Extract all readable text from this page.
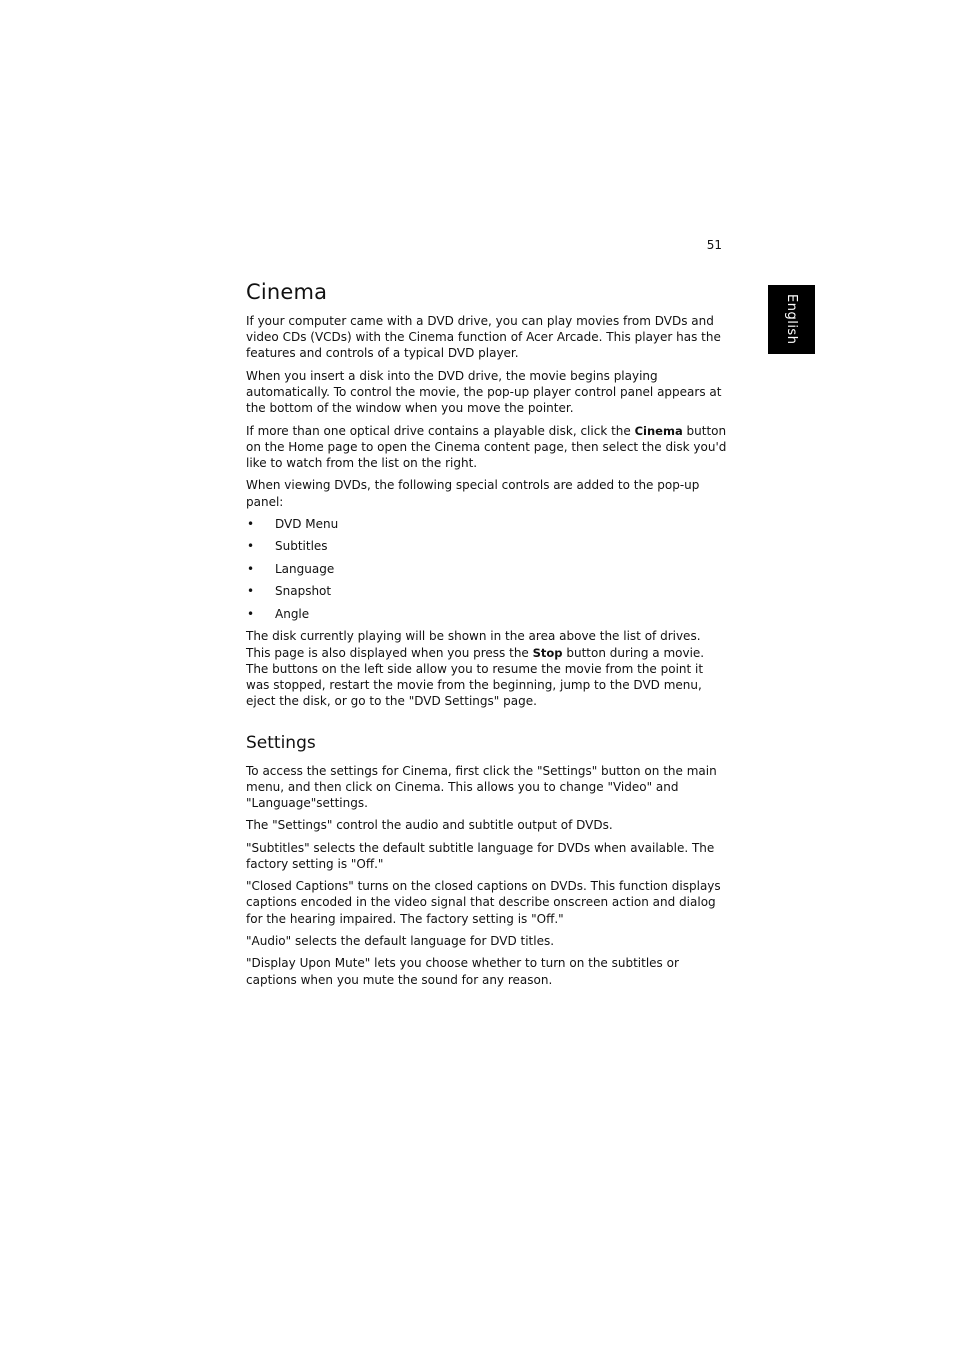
51
English
Cinema

If your computer came with a DVD drive, you can play movies from DVDs and video CDs (VCDs) with the Cinema function of Acer Arcade. This player has the features and controls of a typical DVD player.

When you insert a disk into the DVD drive, the movie begins playing automatically. To control the movie, the pop-up player control panel appears at the bottom of the window when you move the pointer.

If more than one optical drive contains a playable disk, click the Cinema button on the Home page to open the Cinema content page, then select the disk you'd like to watch from the list on the right.

When viewing DVDs, the following special controls are added to the pop-up panel:

• DVD Menu
• Subtitles
• Language
• Snapshot
• Angle

The disk currently playing will be shown in the area above the list of drives. This page is also displayed when you press the Stop button during a movie. The buttons on the left side allow you to resume the movie from the point it was stopped, restart the movie from the beginning, jump to the DVD menu, eject the disk, or go to the "DVD Settings" page.

Settings

To access the settings for Cinema, first click the "Settings" button on the main menu, and then click on Cinema. This allows you to change "Video" and "Language"settings.

The "Settings" control the audio and subtitle output of DVDs.

"Subtitles" selects the default subtitle language for DVDs when available. The factory setting is "Off."

"Closed Captions" turns on the closed captions on DVDs. This function displays captions encoded in the video signal that describe onscreen action and dialog for the hearing impaired. The factory setting is "Off."

"Audio" selects the default language for DVD titles.

"Display Upon Mute" lets you choose whether to turn on the subtitles or captions when you mute the sound for any reason.
